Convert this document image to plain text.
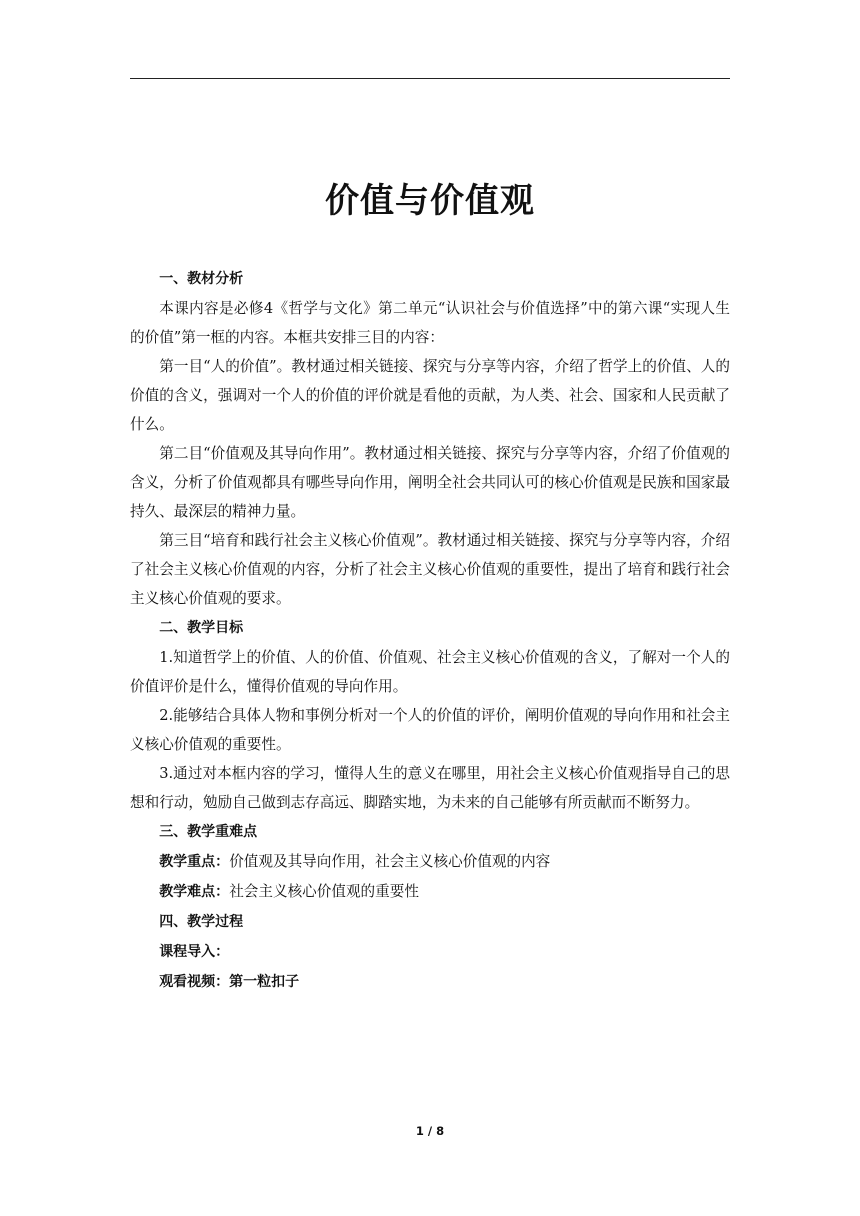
价值与价值观

一、教材分析

本课内容是必修4《哲学与文化》第二单元“认识社会与价值选择”中的第六课“实现人生的价值”第一框的内容。本框共安排三目的内容：

第一目“人的价值”。教材通过相关链接、探究与分享等内容，介绍了哲学上的价值、人的价值的含义，强调对一个人的价值的评价就是看他的贡献，为人类、社会、国家和人民贡献了什么。

第二目“价值观及其导向作用”。教材通过相关链接、探究与分享等内容，介绍了价值观的含义，分析了价值观都具有哪些导向作用，阐明全社会共同认可的核心价值观是民族和国家最持久、最深层的精神力量。

第三目“培育和践行社会主义核心价值观”。教材通过相关链接、探究与分享等内容，介绍了社会主义核心价值观的内容，分析了社会主义核心价值观的重要性，提出了培育和践行社会主义核心价值观的要求。

二、教学目标

1.知道哲学上的价值、人的价值、价值观、社会主义核心价值观的含义，了解对一个人的价值评价是什么，懂得价值观的导向作用。

2.能够结合具体人物和事例分析对一个人的价值的评价，阐明价值观的导向作用和社会主义核心价值观的重要性。

3.通过对本框内容的学习，懂得人生的意义在哪里，用社会主义核心价值观指导自己的思想和行动，勉励自己做到志存高远、脚踏实地，为未来的自己能够有所贡献而不断努力。

三、教学重难点

教学重点：价值观及其导向作用，社会主义核心价值观的内容

教学难点：社会主义核心价值观的重要性

四、教学过程

课程导入：

观看视频：第一粒扣子

1 / 8
